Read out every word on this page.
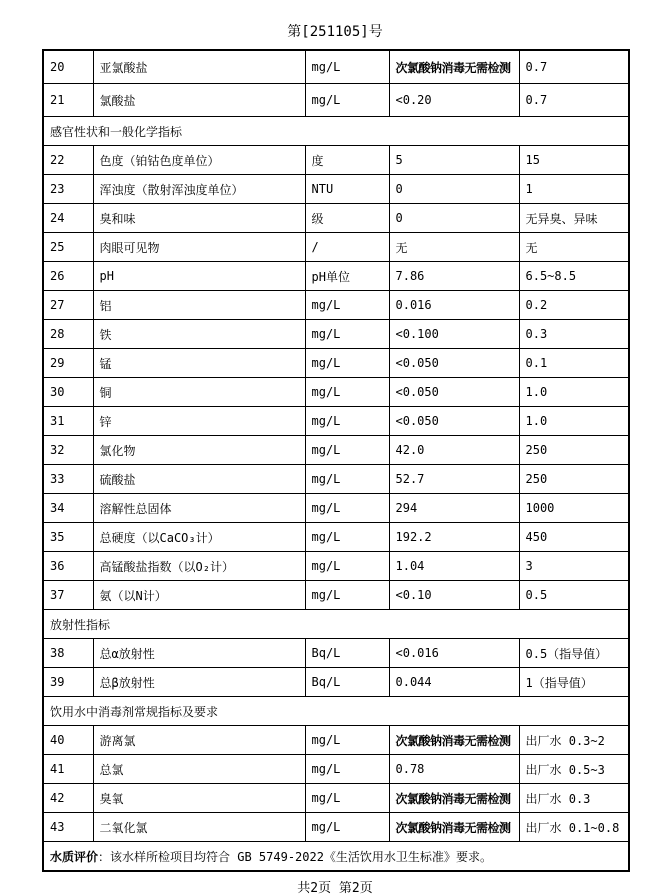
第[251105]号
20	亚氯酸盐	mg/L	次氯酸钠消毒无需检测	0.7
21	氯酸盐	mg/L	<0.20	0.7
感官性状和一般化学指标				
22	色度（铂钴色度单位）	度	5	15
23	浑浊度（散射浑浊度单位）	NTU	0	1
24	臭和味	级	0	无异臭、异味
25	肉眼可见物	/	无	无
26	pH	pH单位	7.86	6.5~8.5
27	铝	mg/L	0.016	0.2
28	铁	mg/L	<0.100	0.3
29	锰	mg/L	<0.050	0.1
30	铜	mg/L	<0.050	1.0
31	锌	mg/L	<0.050	1.0
32	氯化物	mg/L	42.0	250
33	硫酸盐	mg/L	52.7	250
34	溶解性总固体	mg/L	294	1000
35	总硬度（以CaCO₃计）	mg/L	192.2	450
36	高锰酸盐指数（以O₂计）	mg/L	1.04	3
37	氨（以N计）	mg/L	<0.10	0.5
放射性指标				
38	总α放射性	Bq/L	<0.016	0.5（指导值）
39	总β放射性	Bq/L	0.044	1（指导值）
饮用水中消毒剂常规指标及要求				
40	游离氯	mg/L	次氯酸钠消毒无需检测	出厂水 0.3~2
41	总氯	mg/L	0.78	出厂水 0.5~3
42	臭氧	mg/L	次氯酸钠消毒无需检测	出厂水 0.3
43	二氧化氯	mg/L	次氯酸钠消毒无需检测	出厂水 0.1~0.8
水质评价：该水样所检项目均符合 GB 5749-2022《生活饮用水卫生标准》要求。				
共2页 第2页
